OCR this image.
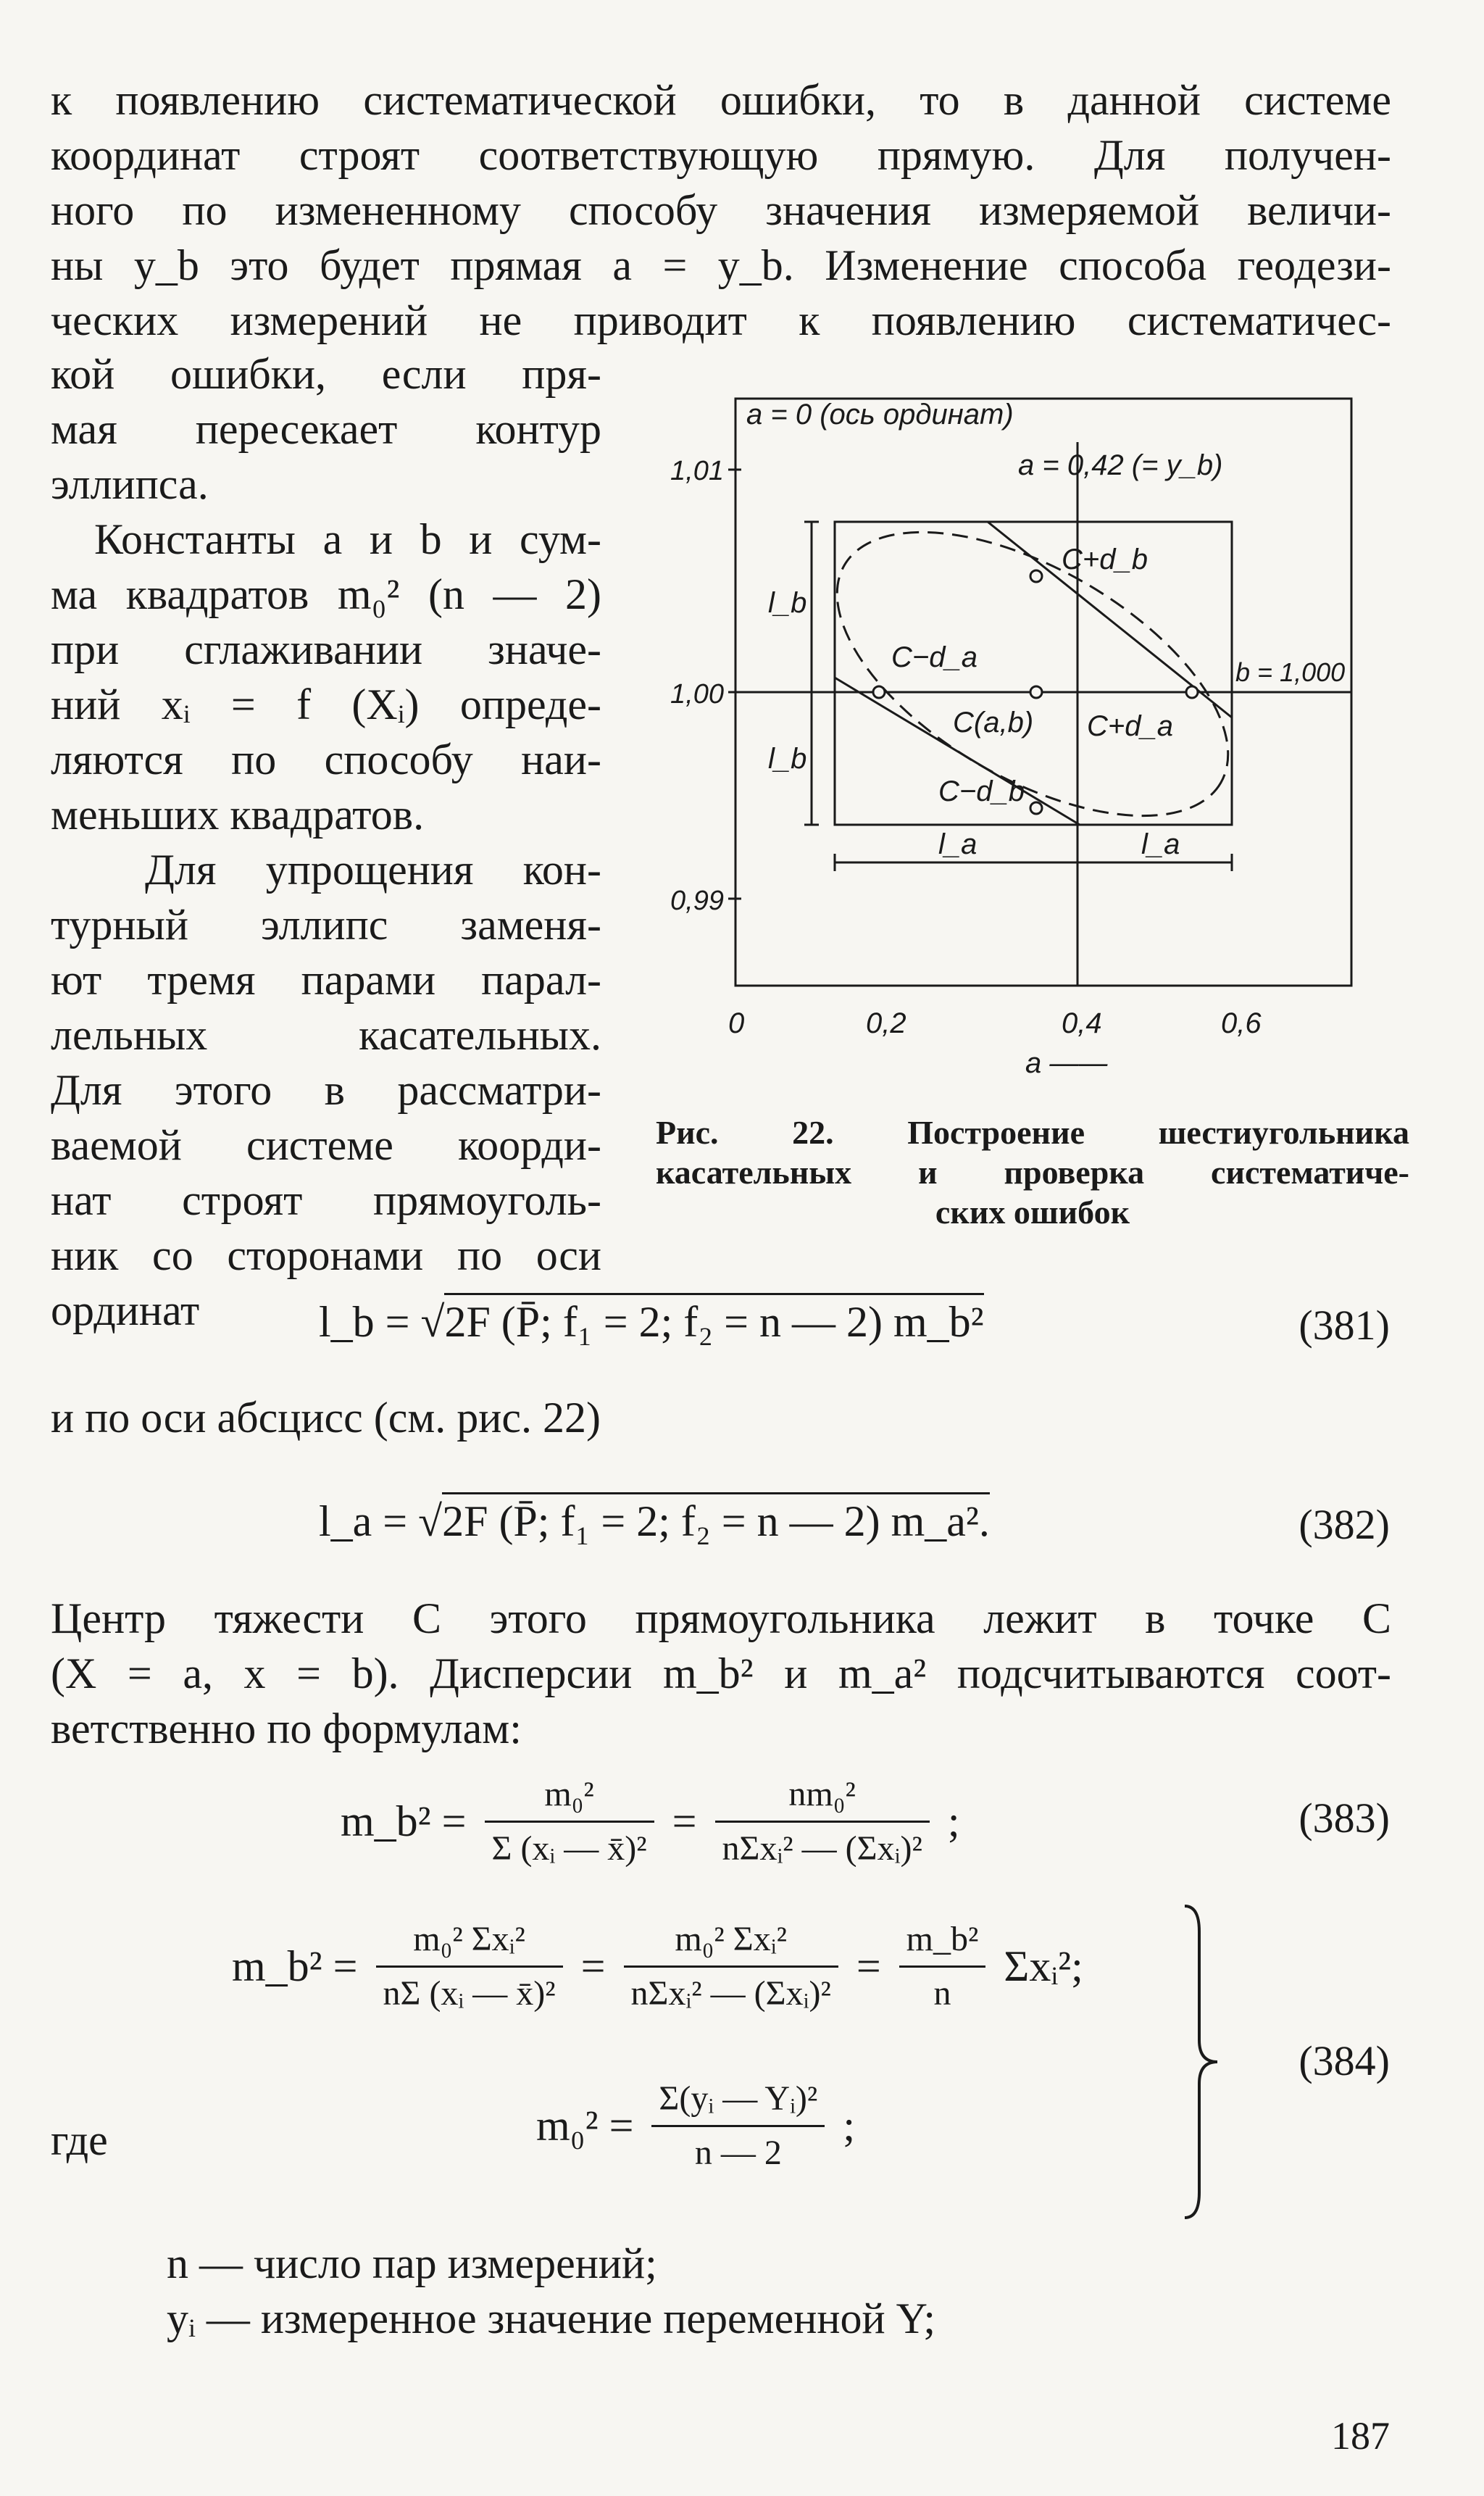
к появлению систематической ошибки, то в данной системе
координат строят соответствующую прямую. Для получен-
ного по измененному способу значения измеряемой величи-
ны y_b это будет прямая a = y_b. Изменение способа геодези-
ческих измерений не приводит к появлению систематичес-
кой ошибки, если пря-
мая пересекает контур
эллипса.
Константы a и b и сум-
ма квадратов m₀² (n — 2)
при сглаживании значе-
ний xᵢ = f (Xᵢ) опреде-
ляются по способу наи-
меньших квадратов.
Для упрощения кон-
турный эллипс заменя-
ют тремя парами парал-
лельных касательных.
Для этого в рассматри-
ваемой системе коорди-
нат строят прямоуголь-
ник со сторонами по оси
ординат
a = 0 (ось ординат)
a = 0,42 (= y_b)
b = 1,000
1,01
1,00
0,99
0	0,2	0,4	0,6
a ——
C+d_b
C−d_a
C(a,b) C+d_a
C−d_b
l_b
l_b
l_a	l_a
Рис. 22. Построение шестиугольника
касательных и проверка систематиче-
ских ошибок
l_b = √2F (P̄; f₁ = 2; f₂ = n — 2) m_b²	(381)
и по оси абсцисс (см. рис. 22)
l_a = √2F (P̄; f₁ = 2; f₂ = n — 2) m_a².	(382)
Центр тяжести C этого прямоугольника лежит в точке C
(X = a, x = b). Дисперсии m_b² и m_a² подсчитываются соот-
ветственно по формулам:
m_b² = $\frac{\text{m₀²}}{\text{Σ (xᵢ — x̄)²}} = \frac{\text{nm₀²}}{\text{nΣxᵢ² — (Σxᵢ)²}}$ ;	(383)
m_b² = $\frac{\text{m₀² Σxᵢ²}}{\text{nΣ (xᵢ — x̄)²}} = \frac{\text{m₀² Σxᵢ²}}{\text{nΣxᵢ² — (Σxᵢ)²}} = \frac{\text{m\_b²}}{n}$ Σxᵢ²;
где	$m_0^2 = \frac{\text{Σ(yᵢ — Yᵢ)²}}{n — 2}$ ;
(384)
n — число пар измерений;
yᵢ — измеренное значение переменной Y;
187
